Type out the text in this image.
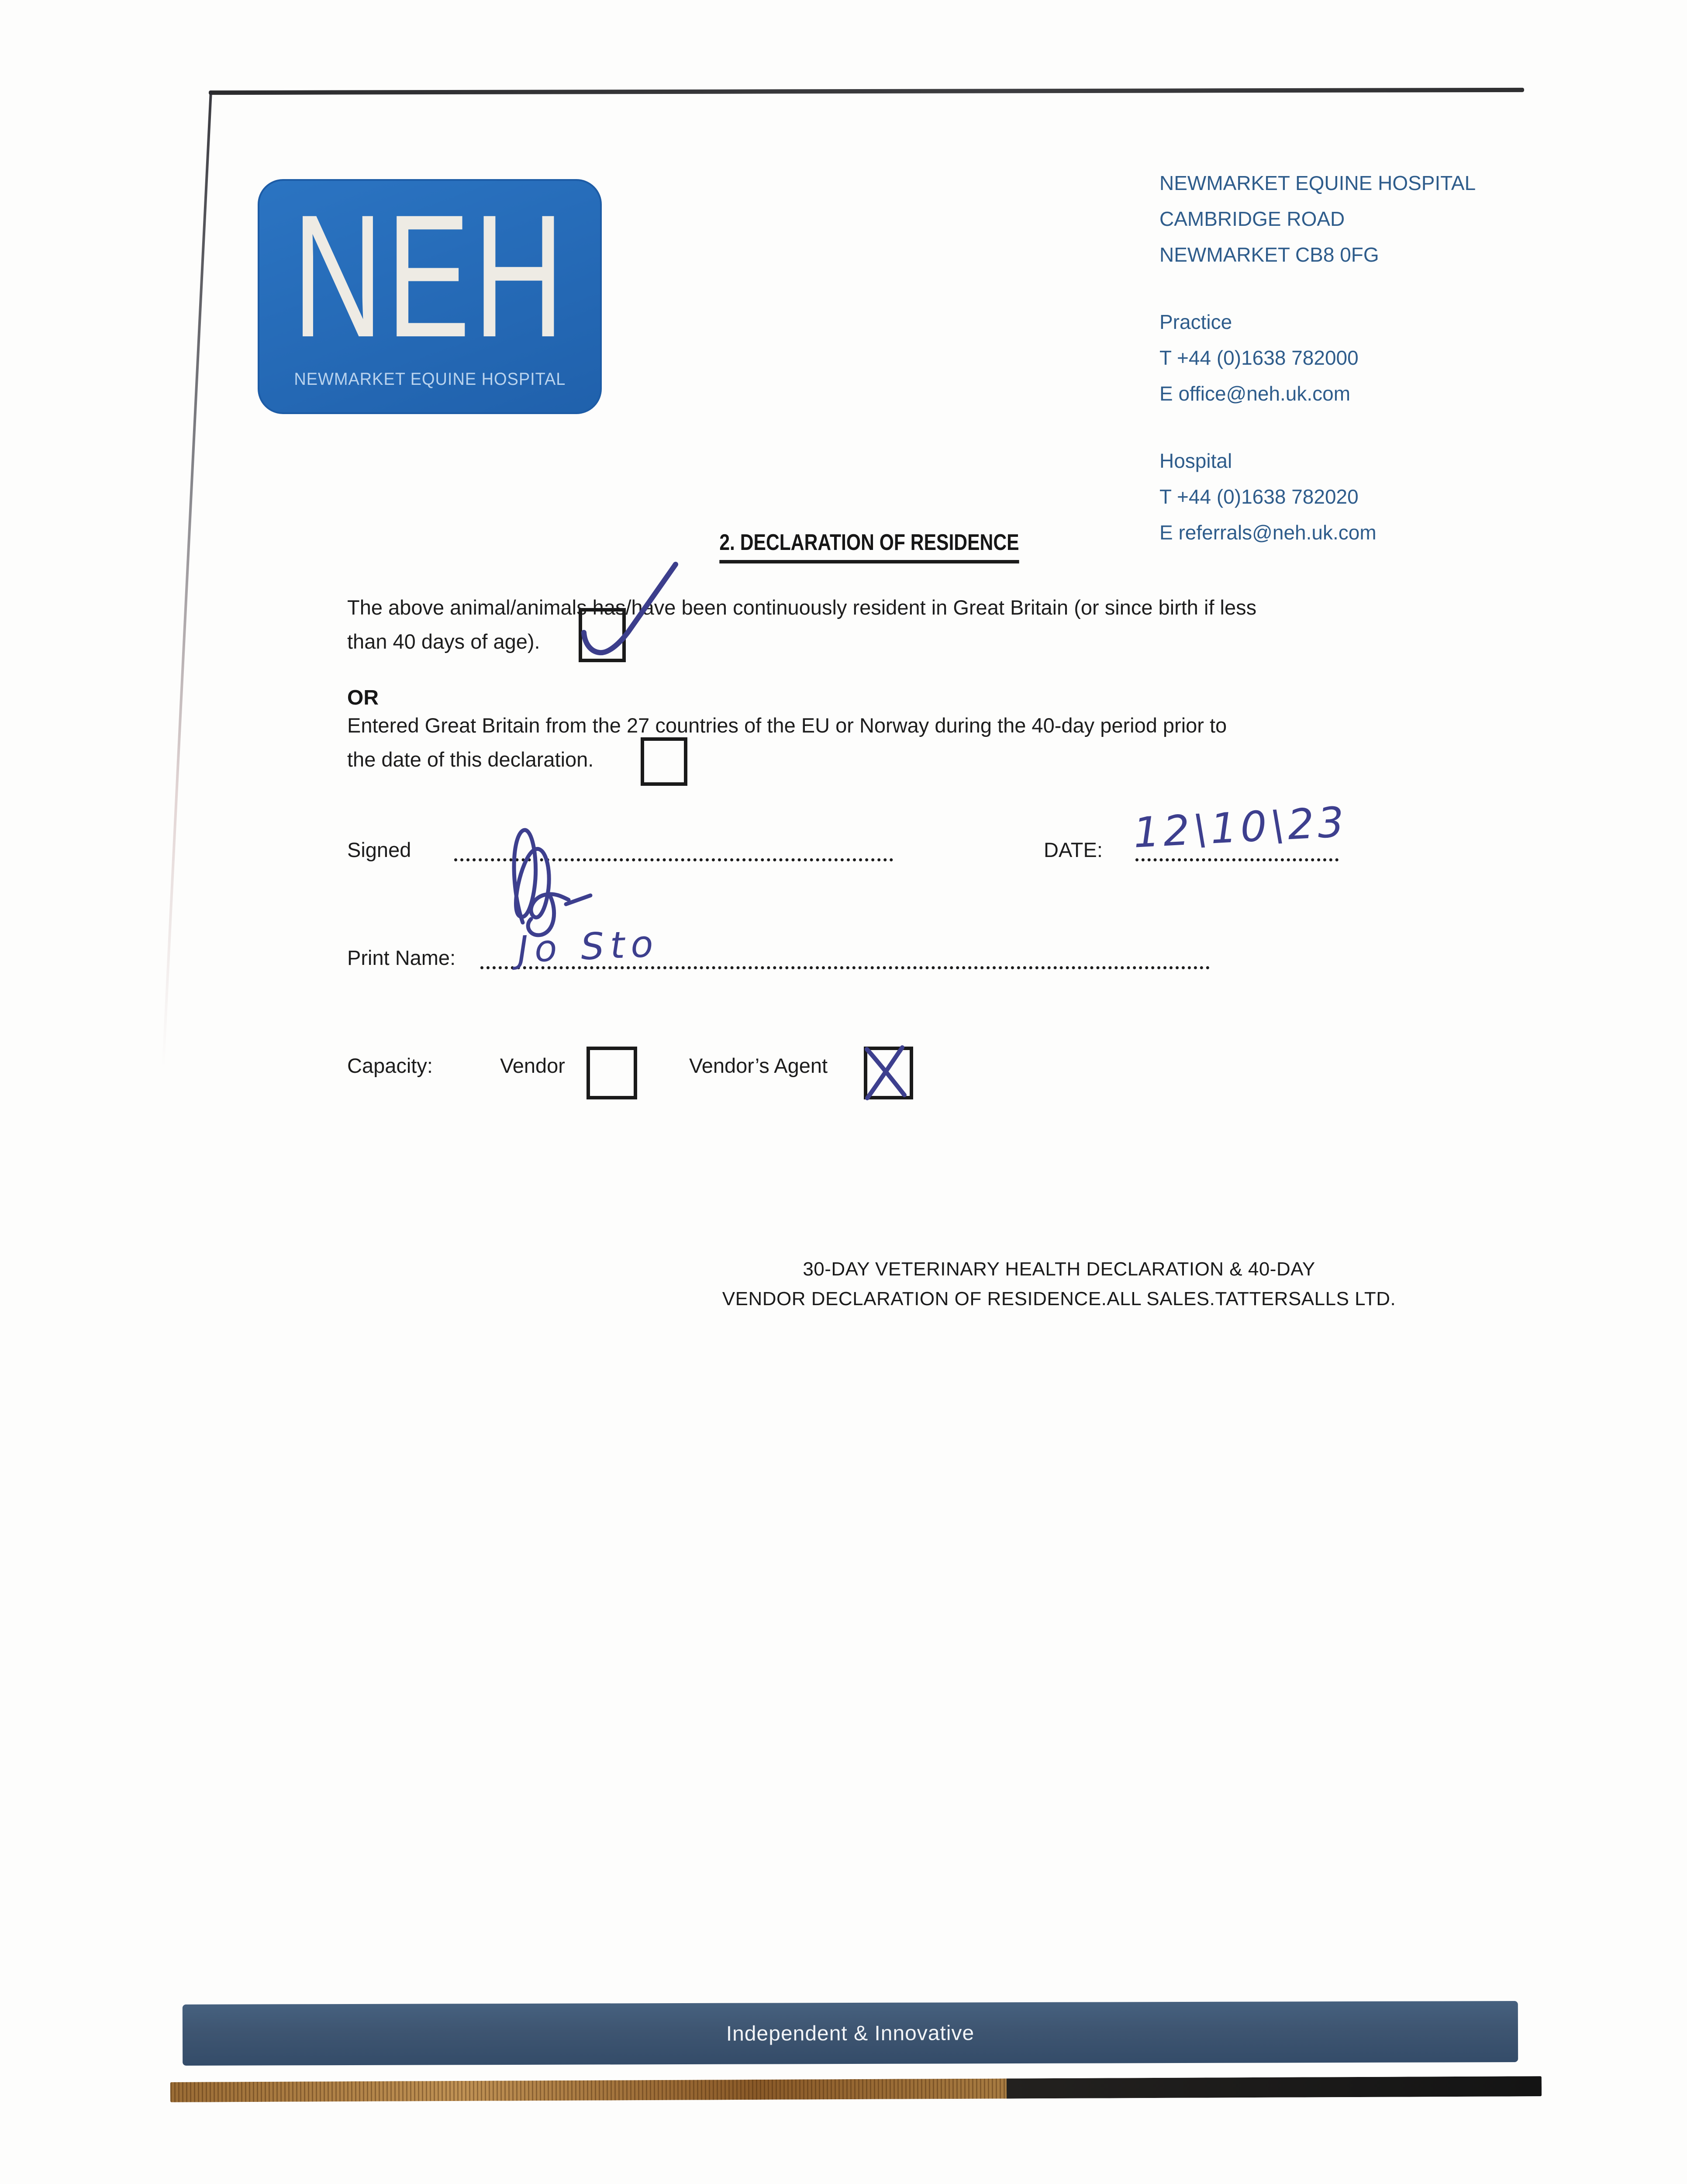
NEH
NEWMARKET EQUINE HOSPITAL
NEWMARKET EQUINE HOSPITAL
CAMBRIDGE ROAD
NEWMARKET CB8 0FG
Practice
T +44 (0)1638 782000
E office@neh.uk.com
Hospital
T +44 (0)1638 782020
E referrals@neh.uk.com
2. DECLARATION OF RESIDENCE
The above animal/animals has/have been continuously resident in Great Britain (or since birth if less
than 40 days of age).
OR
Entered Great Britain from the 27 countries of the EU or Norway during the 40-day period prior to
the date of this declaration.
Signed	DATE: 12\10\23
Print Name: Jo Sto
Capacity:	Vendor	Vendor’s Agent
30-DAY VETERINARY HEALTH DECLARATION & 40-DAY
VENDOR DECLARATION OF RESIDENCE.ALL SALES.TATTERSALLS LTD.
Independent & Innovative
